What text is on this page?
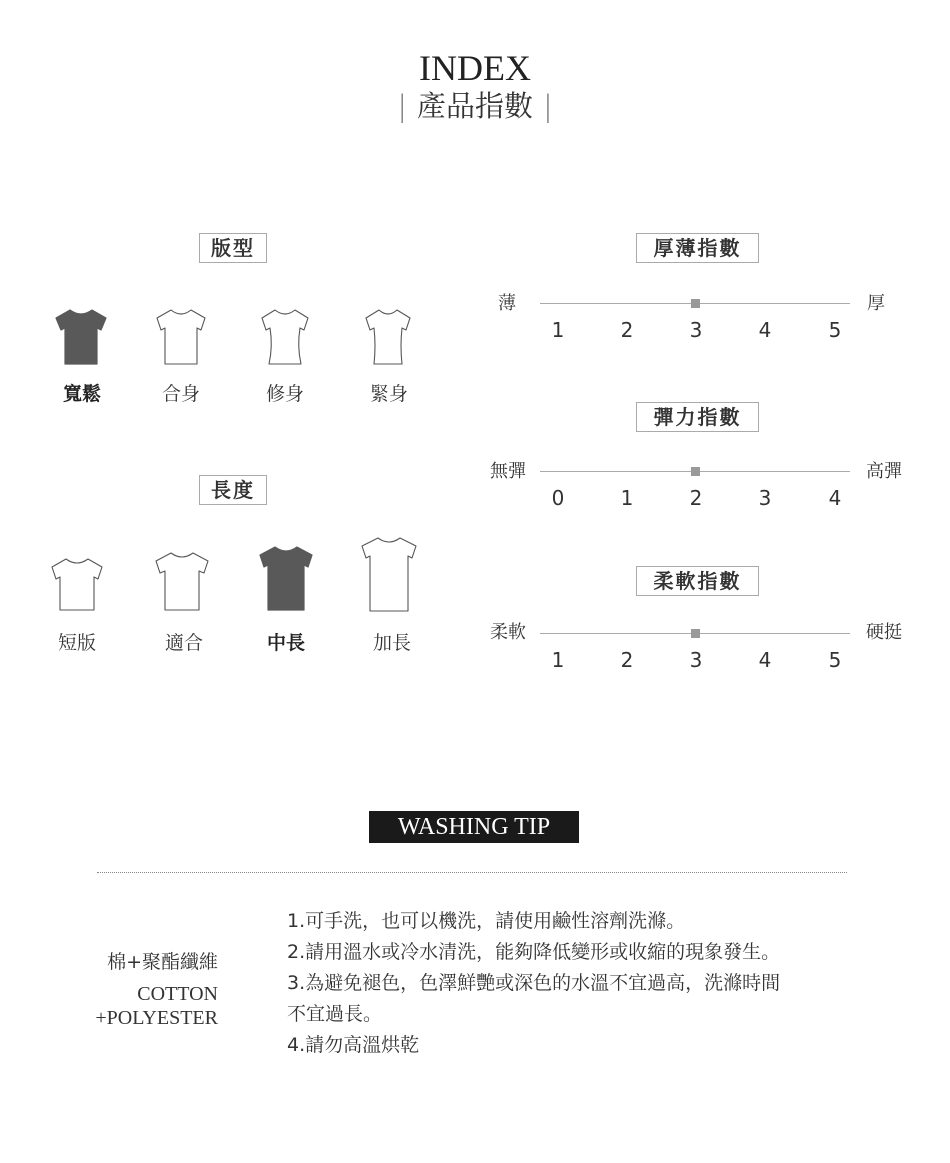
INDEX
| 產品指數 |
版型
寬鬆	合身	修身	緊身
長度
短版	適合	中長	加長
厚薄指數
薄	厚
1	2	3	4	5
彈力指數
無彈	高彈
0	1	2	3	4
柔軟指數
柔軟	硬挺
1	2	3	4	5
WASHING TIP
棉+聚酯纖維
COTTON
+POLYESTER
1.可手洗，也可以機洗，請使用鹼性溶劑洗滌。
2.請用溫水或冷水清洗，能夠降低變形或收縮的現象發生。
3.為避免褪色，色澤鮮艷或深色的水溫不宜過高，洗滌時間
不宜過長。
4.請勿高溫烘乾
